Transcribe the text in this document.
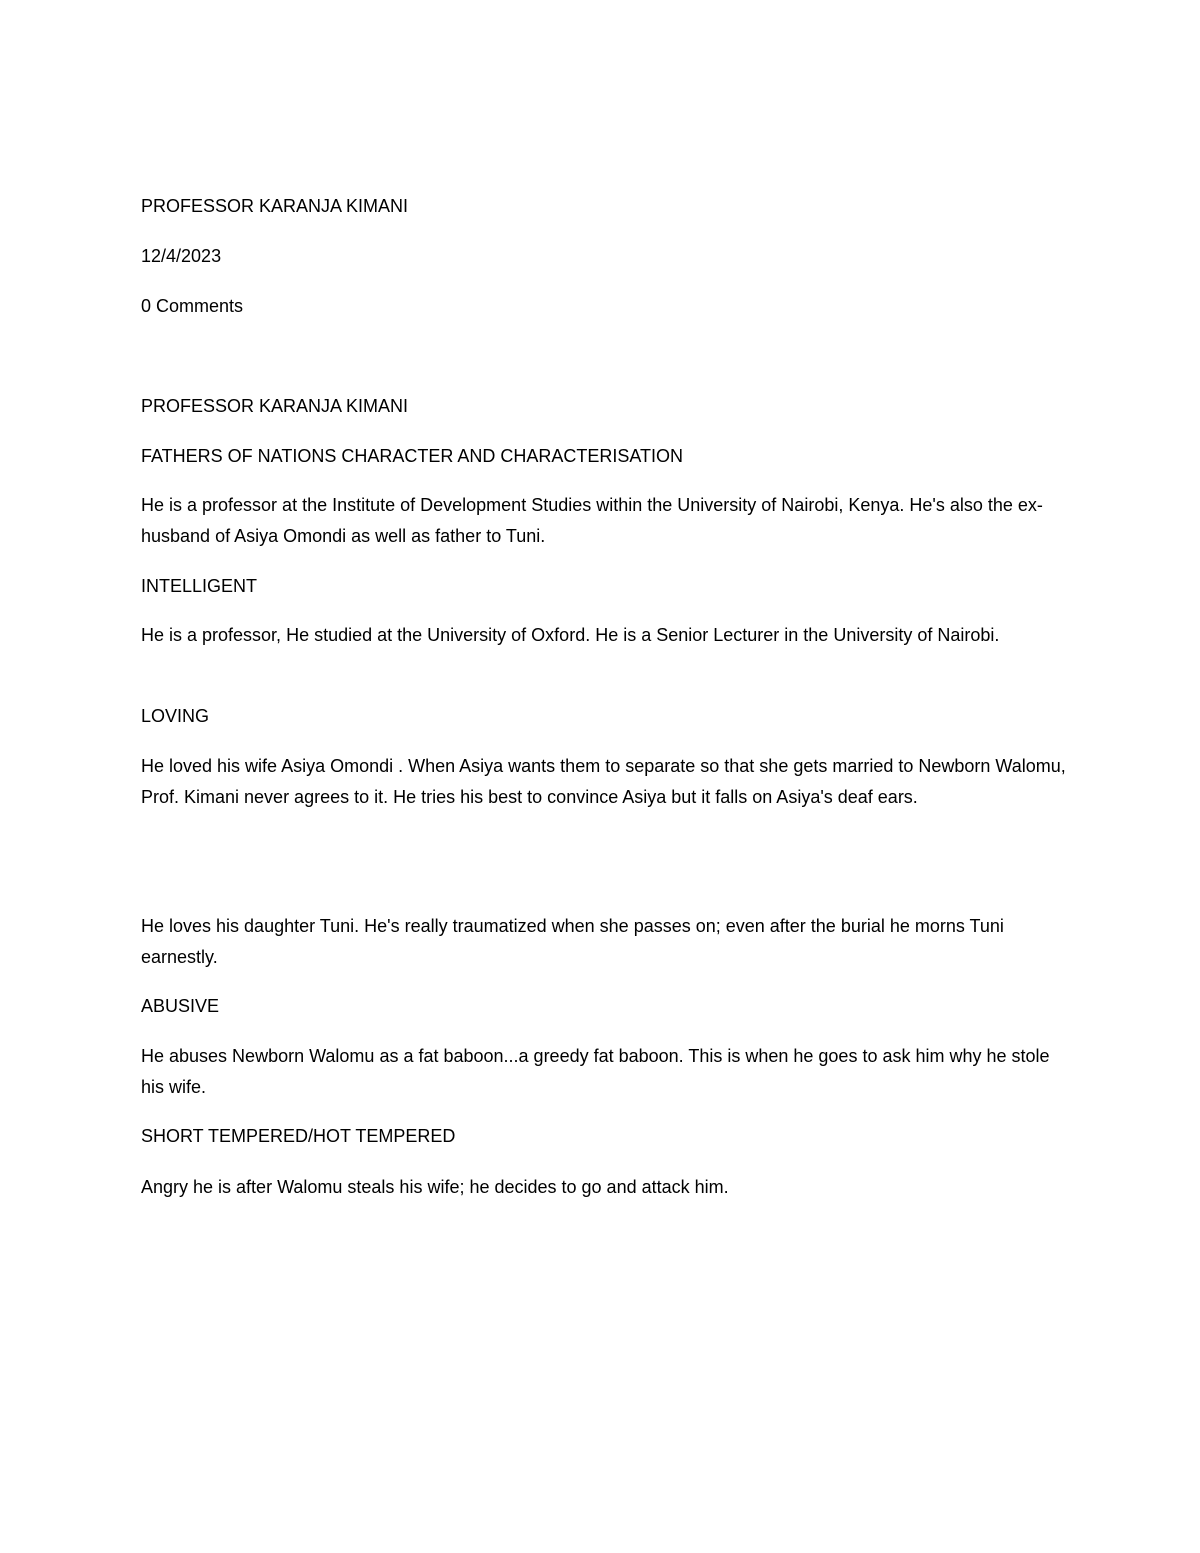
PROFESSOR KARANJA KIMANI

12/4/2023

0 Comments

PROFESSOR KARANJA KIMANI

FATHERS OF NATIONS CHARACTER AND CHARACTERISATION

He is a professor at the Institute of Development Studies within the University of Nairobi, Kenya. He's also the ex-husband of Asiya Omondi as well as father to Tuni.

INTELLIGENT

He is a professor, He studied at the University of Oxford. He is a Senior Lecturer in the University of Nairobi.

LOVING

He loved his wife Asiya Omondi . When Asiya wants them to separate so that she gets married to Newborn Walomu, Prof. Kimani never agrees to it. He tries his best to convince Asiya but it falls on Asiya's deaf ears.

He loves his daughter Tuni. He's really traumatized when she passes on; even after the burial he morns Tuni earnestly.

ABUSIVE

He abuses Newborn Walomu as a fat baboon...a greedy fat baboon. This is when he goes to ask him why he stole his wife.

SHORT TEMPERED/HOT TEMPERED

Angry he is after Walomu steals his wife; he decides to go and attack him.
